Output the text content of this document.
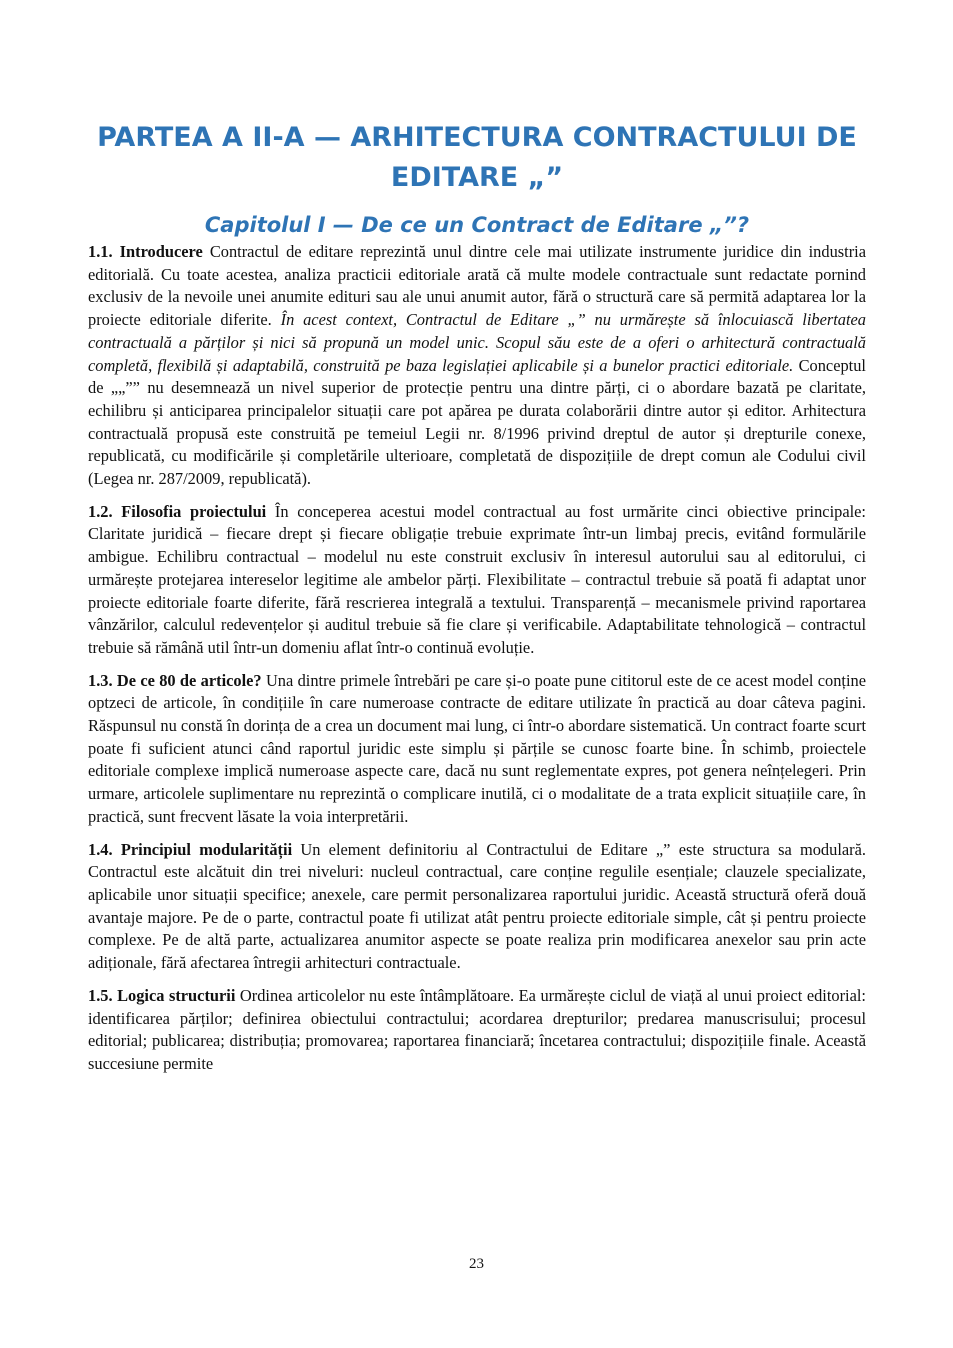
PARTEA A II-A — ARHITECTURA CONTRACTULUI DE EDITARE „”
Capitolul I — De ce un Contract de Editare „”?

1.1. Introducere Contractul de editare reprezintă unul dintre cele mai utilizate instrumente juridice din industria editorială. Cu toate acestea, analiza practicii editoriale arată că multe modele contractuale sunt redactate pornind exclusiv de la nevoile unei anumite edituri sau ale unui anumit autor, fără o structură care să permită adaptarea lor la proiecte editoriale diferite. În acest context, Contractul de Editare „” nu urmărește să înlocuiască libertatea contractuală a părților și nici să propună un model unic. Scopul său este de a oferi o arhitectură contractuală completă, flexibilă și adaptabilă, construită pe baza legislației aplicabile și a bunelor practici editoriale. Conceptul de „„”” nu desemnează un nivel superior de protecție pentru una dintre părți, ci o abordare bazată pe claritate, echilibru și anticiparea principalelor situații care pot apărea pe durata colaborării dintre autor și editor. Arhitectura contractuală propusă este construită pe temeiul Legii nr. 8/1996 privind dreptul de autor și drepturile conexe, republicată, cu modificările și completările ulterioare, completată de dispozițiile de drept comun ale Codului civil (Legea nr. 287/2009, republicată).

1.2. Filosofia proiectului În conceperea acestui model contractual au fost urmărite cinci obiective principale: Claritate juridică – fiecare drept și fiecare obligație trebuie exprimate într-un limbaj precis, evitând formulările ambigue. Echilibru contractual – modelul nu este construit exclusiv în interesul autorului sau al editorului, ci urmărește protejarea intereselor legitime ale ambelor părți. Flexibilitate – contractul trebuie să poată fi adaptat unor proiecte editoriale foarte diferite, fără rescrierea integrală a textului. Transparență – mecanismele privind raportarea vânzărilor, calculul redevențelor și auditul trebuie să fie clare și verificabile. Adaptabilitate tehnologică – contractul trebuie să rămână util într-un domeniu aflat într-o continuă evoluție.

1.3. De ce 80 de articole? Una dintre primele întrebări pe care și-o poate pune cititorul este de ce acest model conține optzeci de articole, în condițiile în care numeroase contracte de editare utilizate în practică au doar câteva pagini. Răspunsul nu constă în dorința de a crea un document mai lung, ci într-o abordare sistematică. Un contract foarte scurt poate fi suficient atunci când raportul juridic este simplu și părțile se cunosc foarte bine. În schimb, proiectele editoriale complexe implică numeroase aspecte care, dacă nu sunt reglementate expres, pot genera neînțelegeri. Prin urmare, articolele suplimentare nu reprezintă o complicare inutilă, ci o modalitate de a trata explicit situațiile care, în practică, sunt frecvent lăsate la voia interpretării.

1.4. Principiul modularității Un element definitoriu al Contractului de Editare „” este structura sa modulară. Contractul este alcătuit din trei niveluri: nucleul contractual, care conține regulile esențiale; clauzele specializate, aplicabile unor situații specifice; anexele, care permit personalizarea raportului juridic. Această structură oferă două avantaje majore. Pe de o parte, contractul poate fi utilizat atât pentru proiecte editoriale simple, cât și pentru proiecte complexe. Pe de altă parte, actualizarea anumitor aspecte se poate realiza prin modificarea anexelor sau prin acte adiționale, fără afectarea întregii arhitecturi contractuale.

1.5. Logica structurii Ordinea articolelor nu este întâmplătoare. Ea urmărește ciclul de viață al unui proiect editorial: identificarea părților; definirea obiectului contractului; acordarea drepturilor; predarea manuscrisului; procesul editorial; publicarea; distribuția; promovarea; raportarea financiară; încetarea contractului; dispozițiile finale. Această succesiune permite

23
